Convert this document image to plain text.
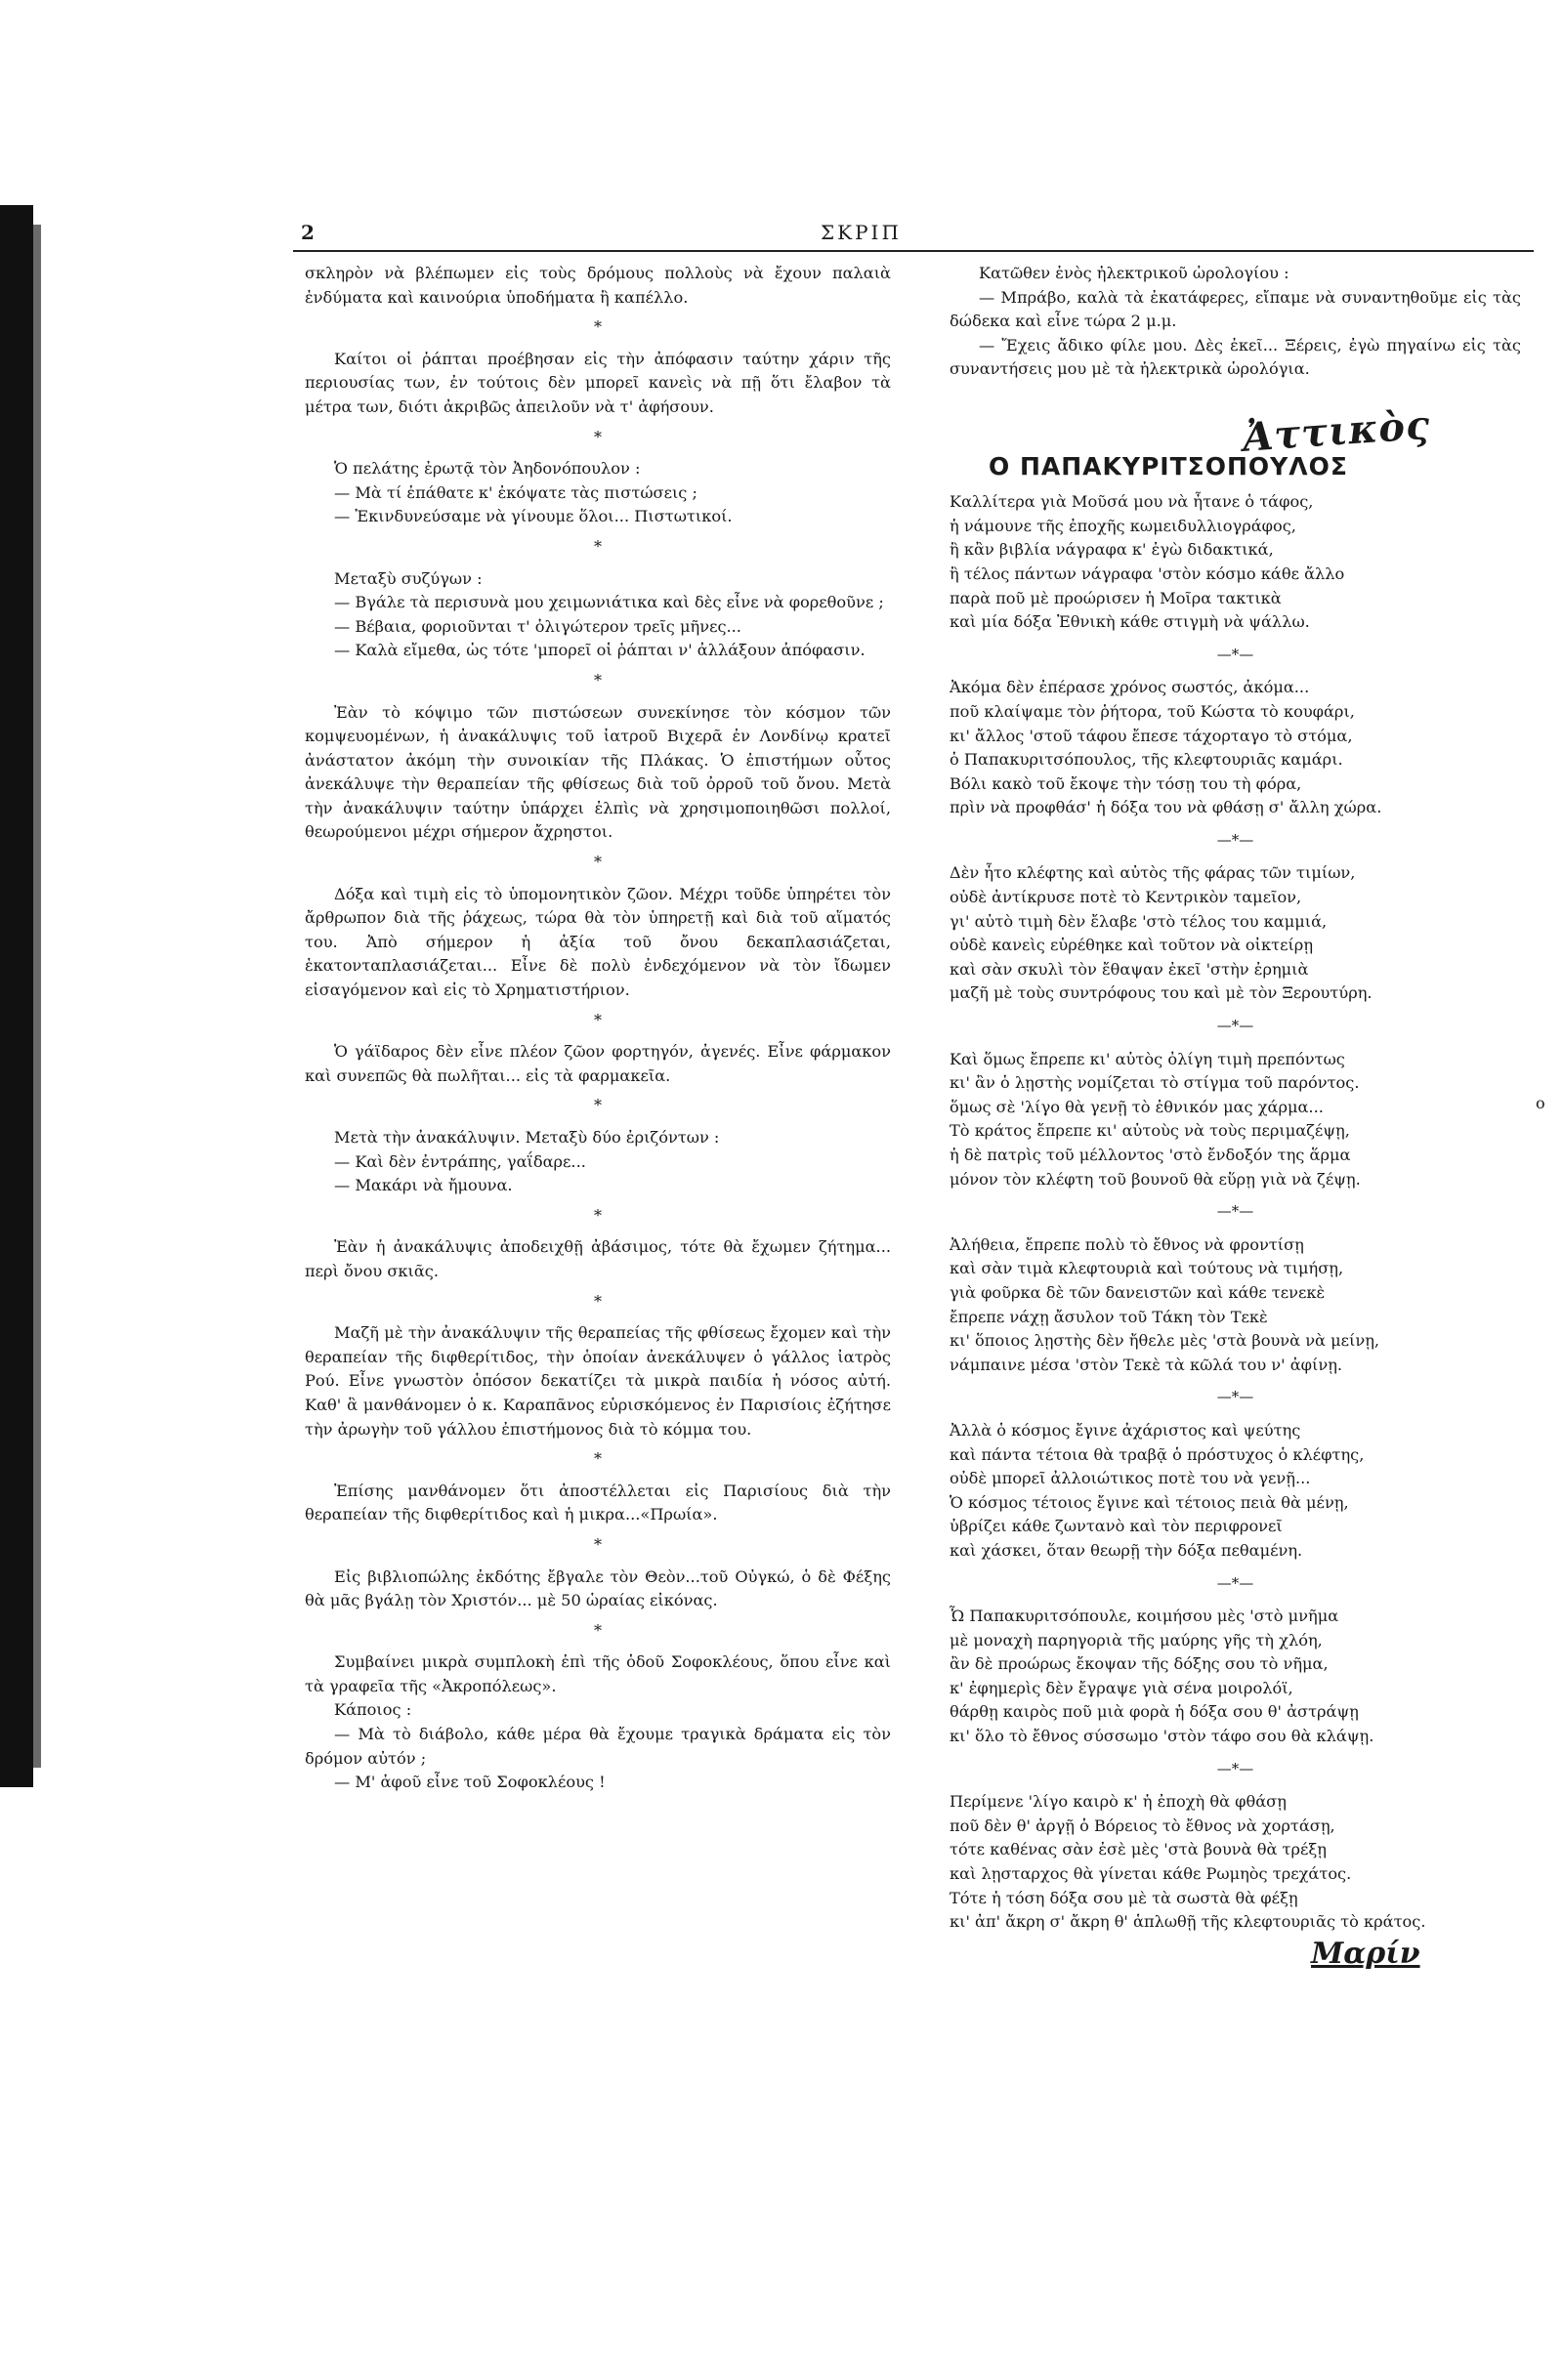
2	ΣΚΡΙΠ
σκληρὸν νὰ βλέπωμεν εἰς τοὺς δρόμους πολλοὺς νὰ ἔχουν παλαιὰ ἐνδύματα καὶ καινούρια ὑποδήματα ἢ καπέλλο.
*
Καίτοι οἱ ῥάπται προέβησαν εἰς τὴν ἀπόφασιν ταύτην χάριν τῆς περιουσίας των, ἐν τούτοις δὲν μπορεῖ κανεὶς νὰ πῇ ὅτι ἔλαβον τὰ μέτρα των, διότι ἀκριβῶς ἀπειλοῦν νὰ τ' ἀφήσουν.
*
Ὁ πελάτης ἐρωτᾷ τὸν Ἀηδονόπουλον :
— Μὰ τί ἐπάθατε κ' ἐκόψατε τὰς πιστώσεις ;
— Ἐκινδυνεύσαμε νὰ γίνουμε ὅλοι... Πιστωτικοί.
*
Μεταξὺ συζύγων :
— Βγάλε τὰ περισυνὰ μου χειμωνιάτικα καὶ δὲς εἶνε νὰ φορεθοῦνε ;
— Βέβαια, φοριοῦνται τ' ὀλιγώτερον τρεῖς μῆνες...
— Καλὰ εἴμεθα, ὡς τότε 'μπορεῖ οἱ ῥάπται ν' ἀλλάξουν ἀπόφασιν.
*
Ἐὰν τὸ κόψιμο τῶν πιστώσεων συνεκίνησε τὸν κόσμον τῶν κομψευομένων, ἡ ἀνακάλυψις τοῦ ἰατροῦ Βιχερᾶ ἐν Λονδίνῳ κρατεῖ ἀνάστατον ἀκόμη τὴν συνοικίαν τῆς Πλάκας. Ὁ ἐπιστήμων οὗτος ἀνεκάλυψε τὴν θεραπείαν τῆς φθίσεως διὰ τοῦ ὀρροῦ τοῦ ὄνου. Μετὰ τὴν ἀνακάλυψιν ταύτην ὑπάρχει ἐλπὶς νὰ χρησιμοποιηθῶσι πολλοί, θεωρούμενοι μέχρι σήμερον ἄχρηστοι.
*
Δόξα καὶ τιμὴ εἰς τὸ ὑπομονητικὸν ζῶον. Μέχρι τοῦδε ὑπηρέτει τὸν ἄρθρωπον διὰ τῆς ῥάχεως, τώρα θὰ τὸν ὑπηρετῇ καὶ διὰ τοῦ αἵματός του. Ἀπὸ σήμερον ἡ ἀξία τοῦ ὄνου δεκαπλασιάζεται, ἑκατονταπλασιάζεται... Εἶνε δὲ πολὺ ἐνδεχόμενον νὰ τὸν ἴδωμεν εἰσαγόμενον καὶ εἰς τὸ Χρηματιστήριον.
*
Ὁ γάϊδαρος δὲν εἶνε πλέον ζῶον φορτηγόν, ἀγενές. Εἶνε φάρμακον καὶ συνεπῶς θὰ πωλῆται... εἰς τὰ φαρμακεῖα.
*
Μετὰ τὴν ἀνακάλυψιν. Μεταξὺ δύο ἐριζόντων :
— Καὶ δὲν ἐντράπης, γαΐδαρε...
— Μακάρι νὰ ἤμουνα.
*
Ἐὰν ἡ ἀνακάλυψις ἀποδειχθῇ ἀβάσιμος, τότε θὰ ἔχωμεν ζήτημα... περὶ ὄνου σκιᾶς.
*
Μαζῆ μὲ τὴν ἀνακάλυψιν τῆς θεραπείας τῆς φθίσεως ἔχομεν καὶ τὴν θεραπείαν τῆς διφθερίτιδος, τὴν ὁποίαν ἀνεκάλυψεν ὁ γάλλος ἰατρὸς Ρού. Εἶνε γνωστὸν ὁπόσον δεκατίζει τὰ μικρὰ παιδία ἡ νόσος αὐτή. Καθ' ἃ μανθάνομεν ὁ κ. Καραπᾶνος εὑρισκόμενος ἐν Παρισίοις ἐζήτησε τὴν ἀρωγὴν τοῦ γάλλου ἐπιστήμονος διὰ τὸ κόμμα του.
*
Ἐπίσης μανθάνομεν ὅτι ἀποστέλλεται εἰς Παρισίους διὰ τὴν θεραπείαν τῆς διφθερίτιδος καὶ ἡ μικρα...«Πρωία».
*
Εἰς βιβλιοπώλης ἐκδότης ἔβγαλε τὸν Θεὸν...τοῦ Οὐγκώ, ὁ δὲ Φέξης θὰ μᾶς βγάλῃ τὸν Χριστόν... μὲ 50 ὡραίας εἰκόνας.
*
Συμβαίνει μικρὰ συμπλοκὴ ἐπὶ τῆς ὁδοῦ Σοφοκλέους, ὅπου εἶνε καὶ τὰ γραφεῖα τῆς «Ἀκροπόλεως».
Κάποιος :
— Μὰ τὸ διάβολο, κάθε μέρα θὰ ἔχουμε τραγικὰ δράματα εἰς τὸν δρόμον αὐτόν ;
— Μ' ἀφοῦ εἶνε τοῦ Σοφοκλέους !
Κατῶθεν ἑνὸς ἠλεκτρικοῦ ὡρολογίου :
— Μπράβο, καλὰ τὰ ἐκατάφερες, εἴπαμε νὰ συναντηθοῦμε εἰς τὰς δώδεκα καὶ εἶνε τώρα 2 μ.μ.
— Ἔχεις ἄδικο φίλε μου. Δὲς ἐκεῖ... Ξέρεις, ἐγὼ πηγαίνω εἰς τὰς συναντήσεις μου μὲ τὰ ἠλεκτρικὰ ὡρολόγια.
Ἀττικὸς
Ο ΠΑΠΑΚΥΡΙΤΣΟΠΟΥΛΟΣ
Καλλίτερα γιὰ Μοῦσά μου νὰ ἦτανε ὁ τάφος,
ἡ νάμουνε τῆς ἐποχῆς κωμειδυλλιογράφος,
ἢ κἂν βιβλία νάγραφα κ' ἐγὼ διδακτικά,
ἢ τέλος πάντων νάγραφα 'στὸν κόσμο κάθε ἄλλο
παρὰ ποῦ μὲ προώρισεν ἡ Μοῖρα τακτικὰ
καὶ μία δόξα Ἐθνικὴ κάθε στιγμὴ νὰ ψάλλω.
—*—
Ἀκόμα δὲν ἐπέρασε χρόνος σωστός, ἀκόμα...
ποῦ κλαίψαμε τὸν ῥήτορα, τοῦ Κώστα τὸ κουφάρι,
κι' ἄλλος 'στοῦ τάφου ἔπεσε τάχορταγο τὸ στόμα,
ὁ Παπακυριτσόπουλος, τῆς κλεφτουριᾶς καμάρι.
Βόλι κακὸ τοῦ ἔκοψε τὴν τόσῃ του τὴ φόρα,
πρὶν νὰ προφθάσ' ἡ δόξα του νὰ φθάσῃ σ' ἄλλη χώρα.
—*—
Δὲν ἦτο κλέφτης καὶ αὐτὸς τῆς φάρας τῶν τιμίων,
οὐδὲ ἀντίκρυσε ποτὲ τὸ Κεντρικὸν ταμεῖον,
γι' αὐτὸ τιμὴ δὲν ἔλαβε 'στὸ τέλος του καμμιά,
οὐδὲ κανεὶς εὑρέθηκε καὶ τοῦτον νὰ οἰκτείρῃ
καὶ σὰν σκυλὶ τὸν ἔθαψαν ἐκεῖ 'στὴν ἐρημιὰ
μαζῆ μὲ τοὺς συντρόφους του καὶ μὲ τὸν Ξερουτύρη.
—*—
Καὶ ὅμως ἔπρεπε κι' αὐτὸς ὀλίγη τιμὴ πρεπόντως
κι' ἂν ὁ λῃστὴς νομίζεται τὸ στίγμα τοῦ παρόντος.
ὅμως σὲ 'λίγο θὰ γενῇ τὸ ἐθνικόν μας χάρμα...
Τὸ κράτος ἔπρεπε κι' αὐτοὺς νὰ τοὺς περιμαζέψῃ,
ἡ δὲ πατρὶς τοῦ μέλλοντος 'στὸ ἔνδοξόν της ἅρμα
μόνον τὸν κλέφτη τοῦ βουνοῦ θὰ εὕρῃ γιὰ νὰ ζέψῃ.
—*—
Ἀλήθεια, ἔπρεπε πολὺ τὸ ἔθνος νὰ φροντίσῃ
καὶ σὰν τιμὰ κλεφτουριὰ καὶ τούτους νὰ τιμήσῃ,
γιὰ φοῦρκα δὲ τῶν δανειστῶν καὶ κάθε τενεκὲ
ἔπρεπε νάχῃ ἄσυλον τοῦ Τάκη τὸν Τεκὲ
κι' ὅποιος λῃστὴς δὲν ἤθελε μὲς 'στὰ βουνὰ νὰ μείνῃ,
νάμπαινε μέσα 'στὸν Τεκὲ τὰ κῶλά του ν' ἀφίνῃ.
—*—
Ἀλλὰ ὁ κόσμος ἔγινε ἀχάριστος καὶ ψεύτης
καὶ πάντα τέτοια θὰ τραβᾷ ὁ πρόστυχος ὁ κλέφτης,
οὐδὲ μπορεῖ ἀλλοιώτικος ποτὲ του νὰ γενῇ...
Ὁ κόσμος τέτοιος ἔγινε καὶ τέτοιος πειὰ θὰ μένῃ,
ὑβρίζει κάθε ζωντανὸ καὶ τὸν περιφρονεῖ
καὶ χάσκει, ὅταν θεωρῇ τὴν δόξα πεθαμένη.
—*—
Ὦ Παπακυριτσόπουλε, κοιμήσου μὲς 'στὸ μνῆμα
μὲ μοναχὴ παρηγοριὰ τῆς μαύρης γῆς τὴ χλόη,
ἂν δὲ προώρως ἔκοψαν τῆς δόξης σου τὸ νῆμα,
κ' ἐφημερὶς δὲν ἔγραψε γιὰ σένα μοιρολόϊ,
θάρθῃ καιρὸς ποῦ μιὰ φορὰ ἡ δόξα σου θ' ἀστράψῃ
κι' ὅλο τὸ ἔθνος σύσσωμο 'στὸν τάφο σου θὰ κλάψῃ.
—*—
Περίμενε 'λίγο καιρὸ κ' ἡ ἐποχὴ θὰ φθάσῃ
ποῦ δὲν θ' ἀργῇ ὁ Βόρειος τὸ ἔθνος νὰ χορτάσῃ,
τότε καθένας σὰν ἐσὲ μὲς 'στὰ βουνὰ θὰ τρέξῃ
καὶ λῃσταρχος θὰ γίνεται κάθε Ρωμηὸς τρεχάτος.
Τότε ἡ τόση δόξα σου μὲ τὰ σωστὰ θὰ φέξῃ
κι' ἀπ' ἄκρη σ' ἄκρη θ' ἁπλωθῇ τῆς κλεφτουριᾶς τὸ κράτος.
Μαρίν
o
